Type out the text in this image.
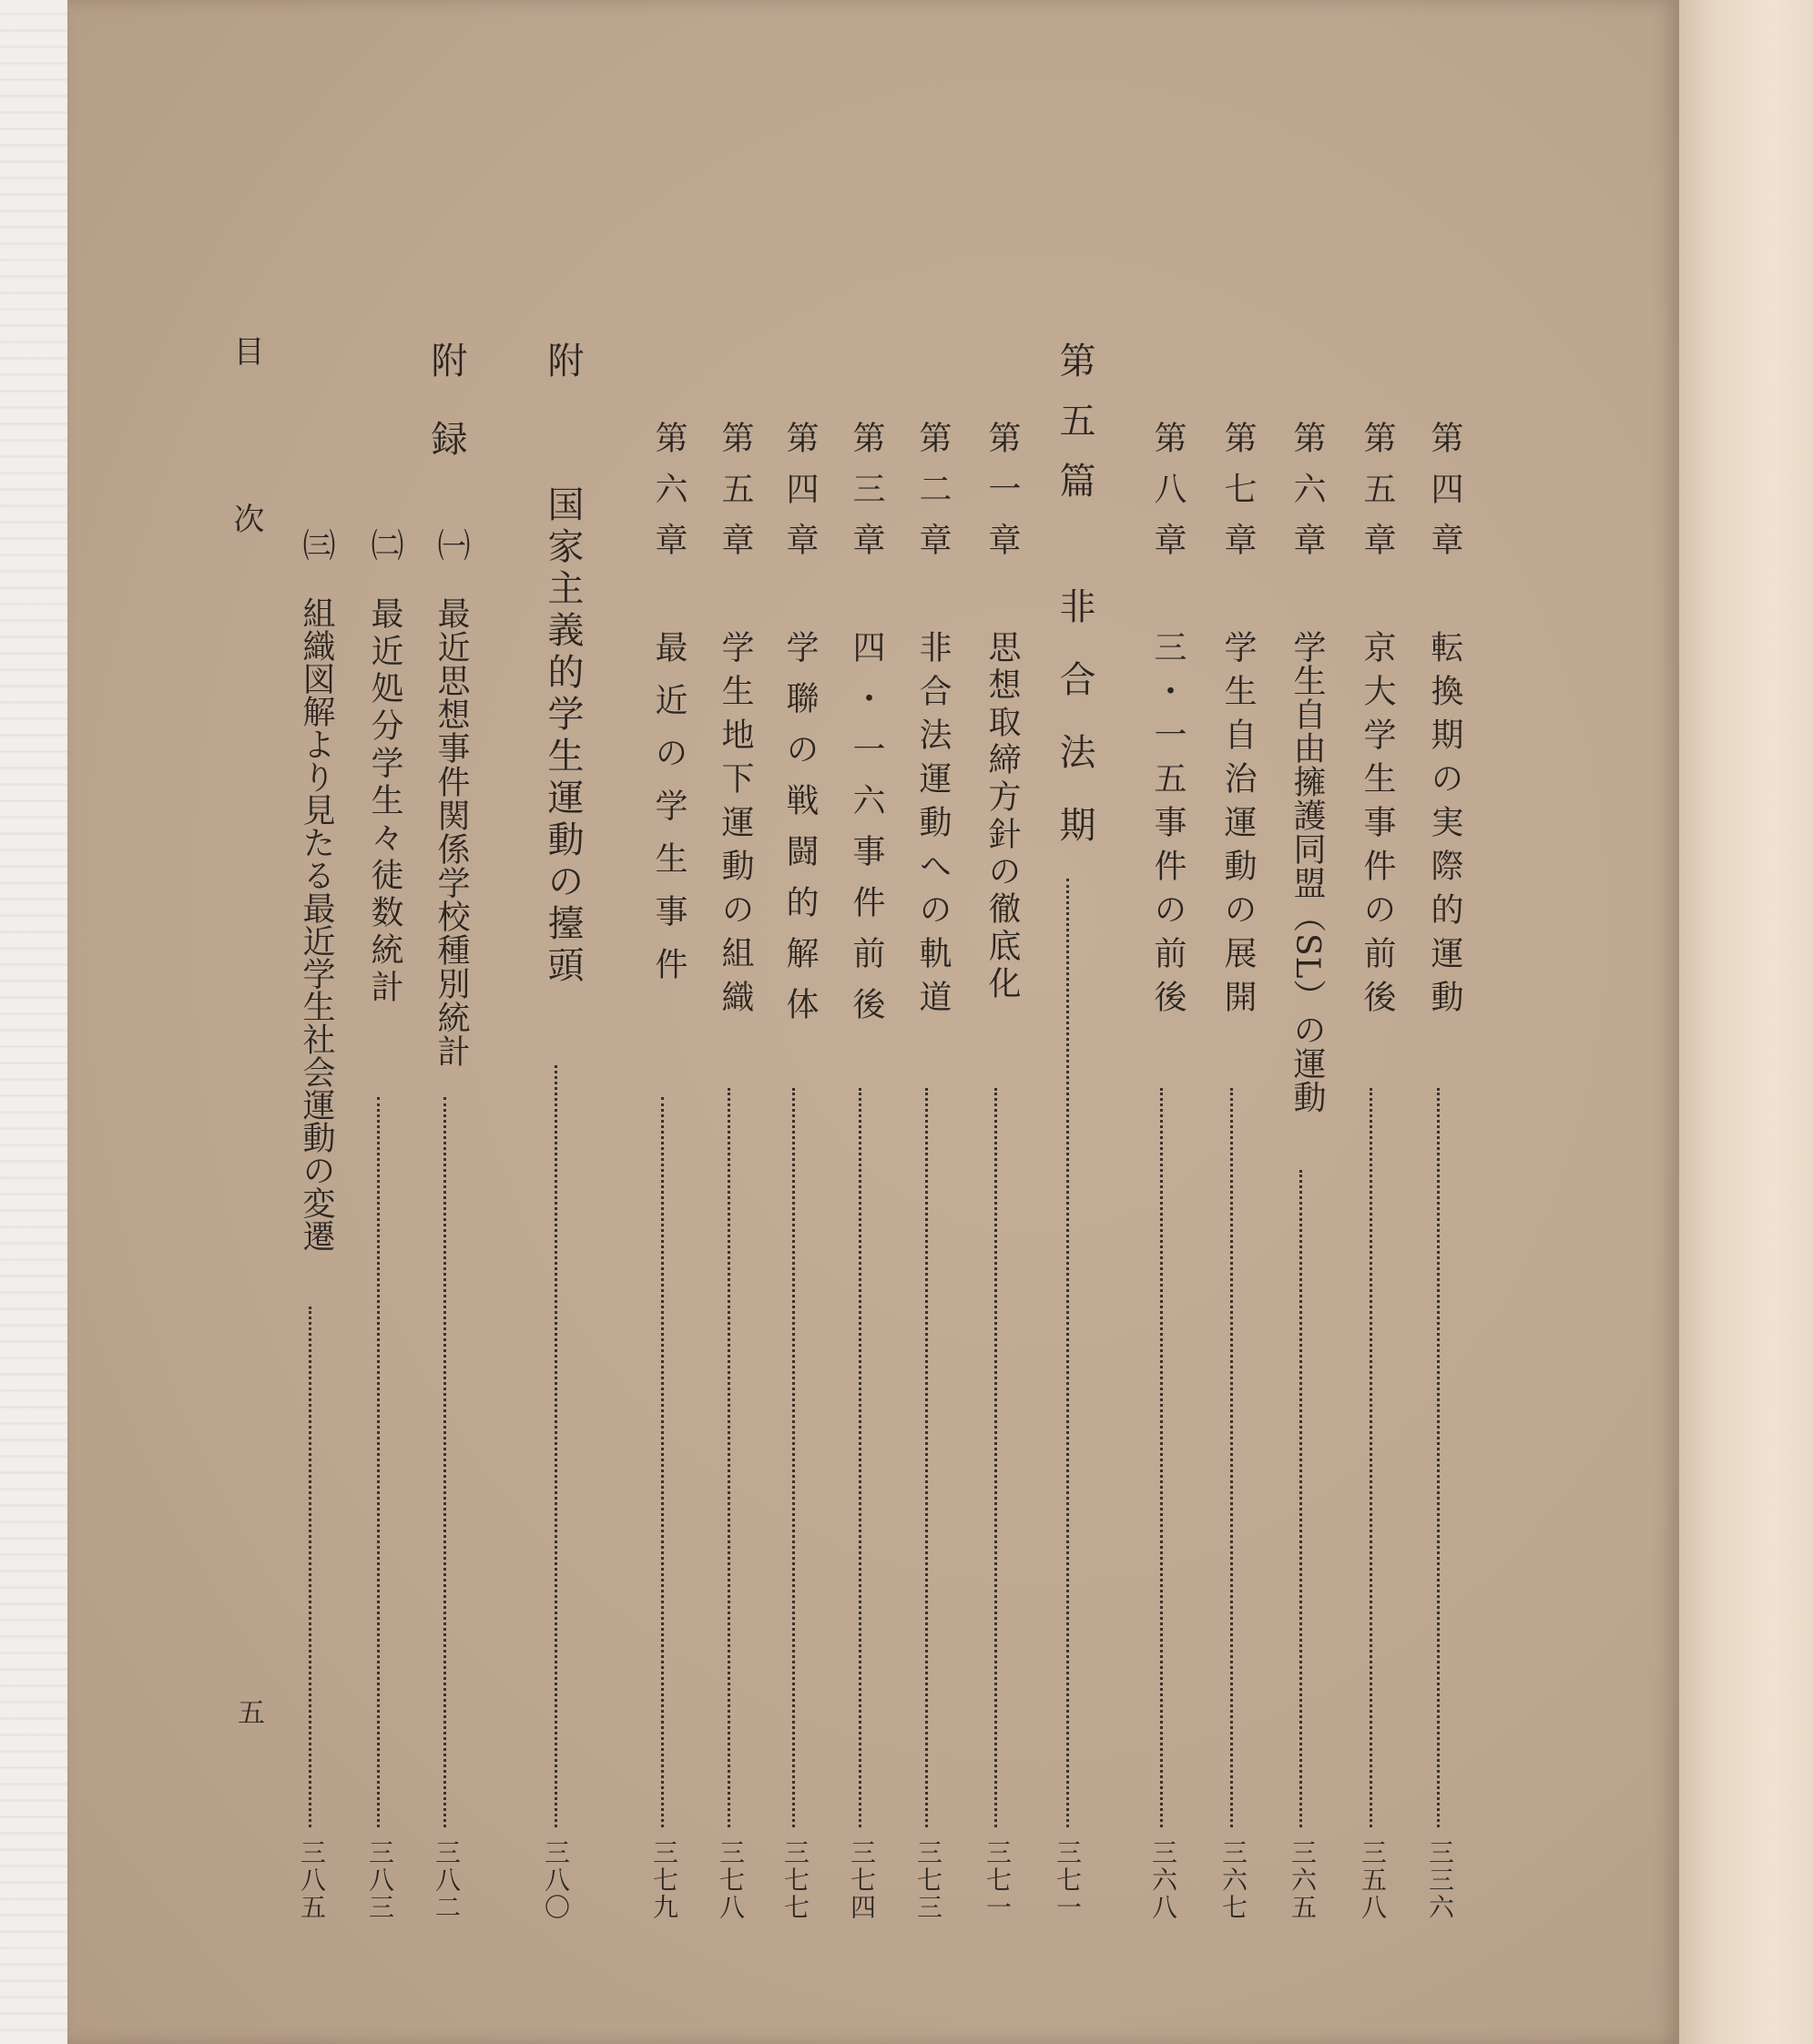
第四章
転換期の実際的運動
三三六
第五章
京大学生事件の前後
三五八
第六章
学生自由擁護同盟（SL）の運動
三六五
第七章
学生自治運動の展開
三六七
第八章
三・一五事件の前後
三六八
第五篇
非合法期
三七一
第一章
思想取締方針の徹底化
三七一
第二章
非合法運動への軌道
三七三
第三章
四・一六事件前後
三七四
第四章
学聯の戦闘的解体
三七七
第五章
学生地下運動の組織
三七八
第六章
最近の学生事件
三七九
附
国家主義的学生運動の擡頭
三八〇
附録
㈠
最近思想事件関係学校種別統計
三八二
㈡
最近処分学生々徒数統計
三八三
㈢
組織図解より見たる最近学生社会運動の変遷
三八五
目次
五
